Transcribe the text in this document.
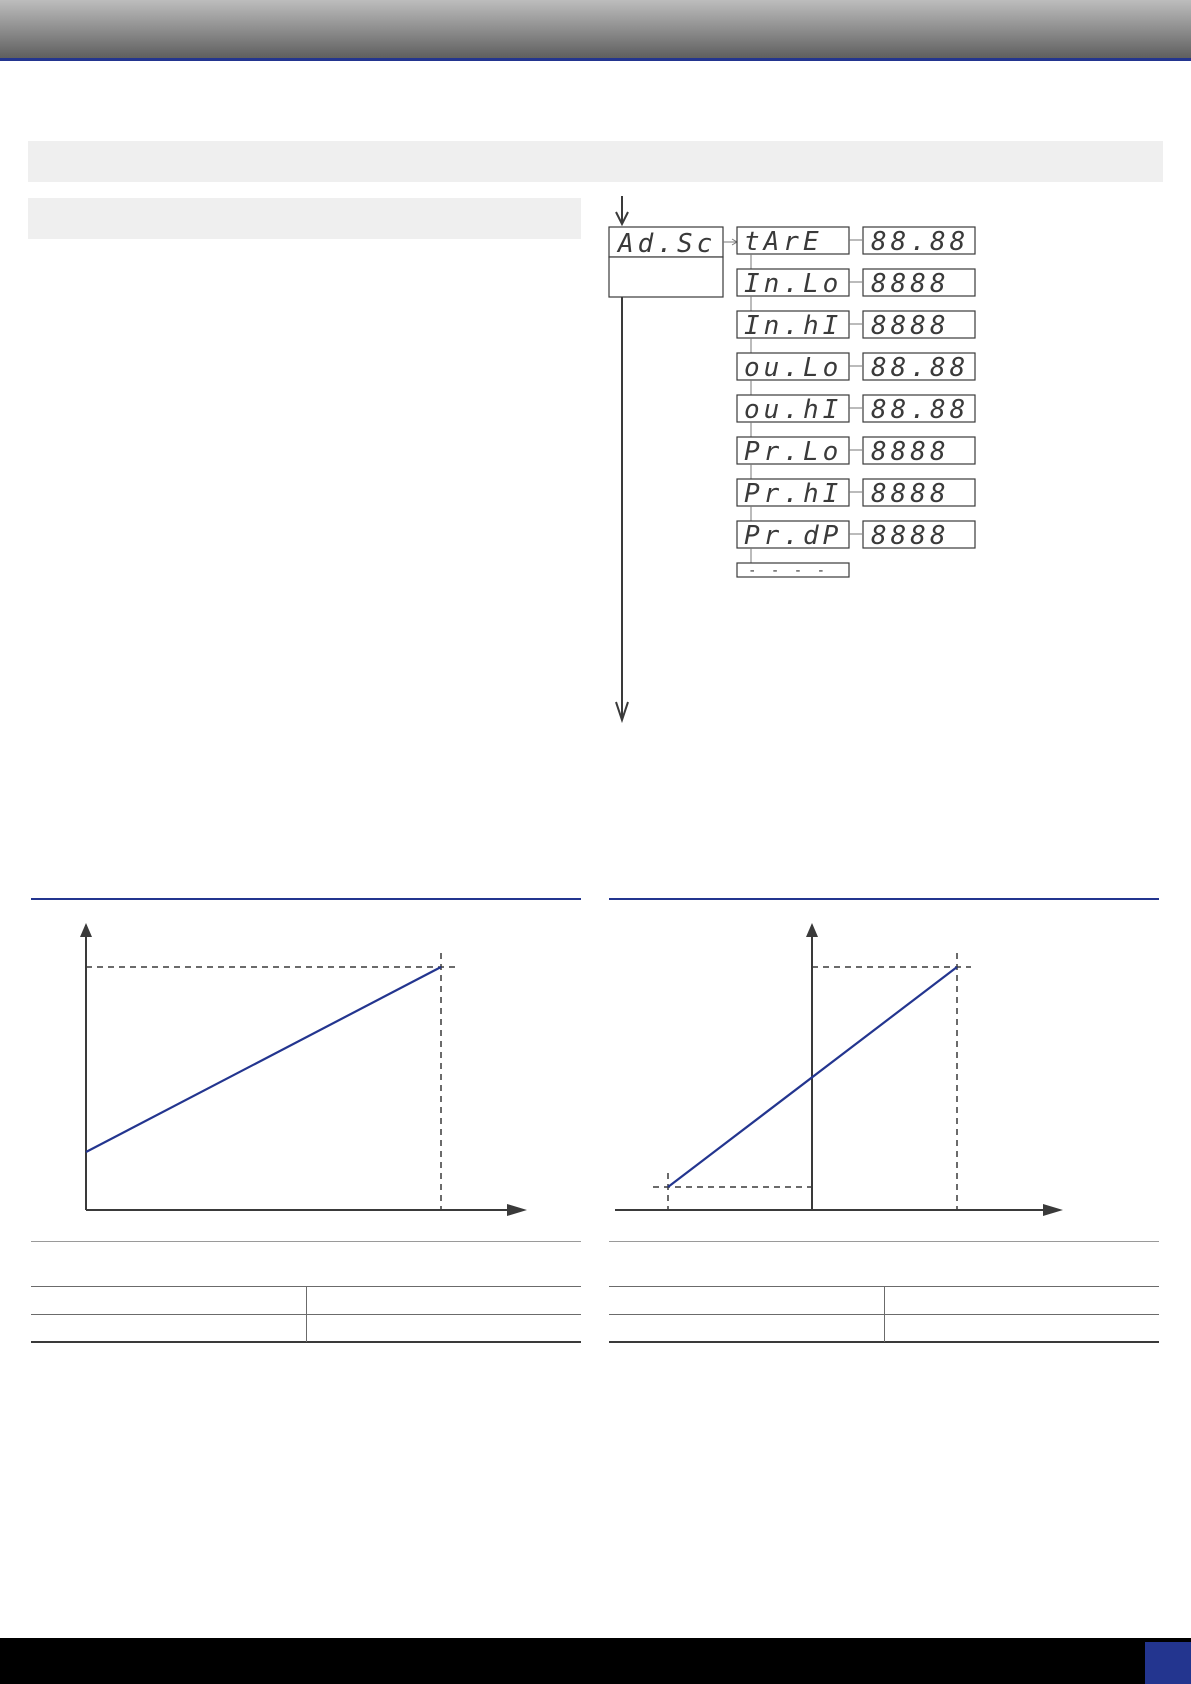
Ad.Sc tArE 88.88
In.Lo 8888
In.hI 8888
ou.Lo 88.88
ou.hI 88.88
Pr.Lo 8888
Pr.hI 8888
Pr.dP 8888
- - - -
